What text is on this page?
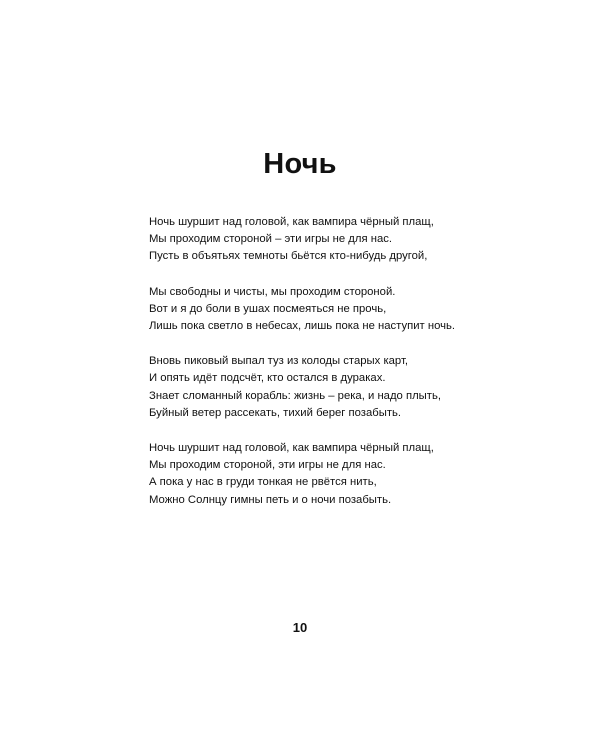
Ночь
Ночь шуршит над головой, как вампира чёрный плащ,
Мы проходим стороной – эти игры не для нас.
Пусть в объятьях темноты бьётся кто-нибудь другой,
Мы свободны и чисты, мы проходим стороной.
Вот и я до боли в ушах посмеяться не прочь,
Лишь пока светло в небесах, лишь пока не наступит ночь.
Вновь пиковый выпал туз из колоды старых карт,
И опять идёт подсчёт, кто остался в дураках.
Знает сломанный корабль: жизнь – река, и надо плыть,
Буйный ветер рассекать, тихий берег позабыть.
Ночь шуршит над головой, как вампира чёрный плащ,
Мы проходим стороной, эти игры не для нас.
А пока у нас в груди тонкая не рвётся нить,
Можно Солнцу гимны петь и о ночи позабыть.
10
